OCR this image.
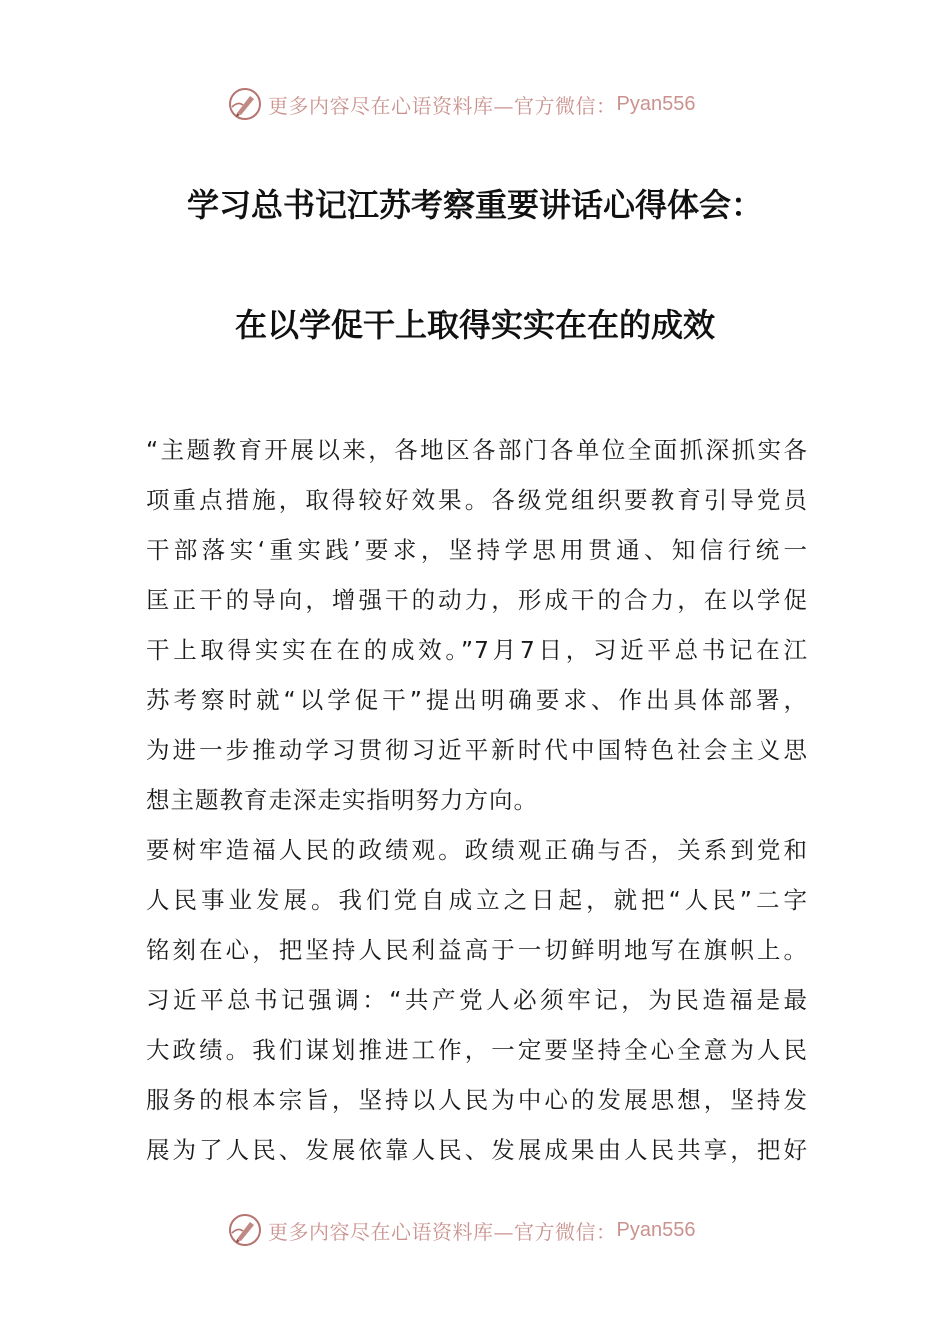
更多内容尽在心语资料库—官方微信： Pyan556
学习总书记江苏考察重要讲话心得体会：
在以学促干上取得实实在在的成效
“主题教育开展以来，各地区各部门各单位全面抓深抓实各
项重点措施，取得较好效果。各级党组织要教育引导党员
干部落实‘重实践’要求，坚持学思用贯通、知信行统一
匡正干的导向，增强干的动力，形成干的合力，在以学促
干上取得实实在在的成效。”7月7日，习近平总书记在江
苏考察时就“以学促干”提出明确要求、作出具体部署，
为进一步推动学习贯彻习近平新时代中国特色社会主义思
想主题教育走深走实指明努力方向。
要树牢造福人民的政绩观。政绩观正确与否，关系到党和
人民事业发展。我们党自成立之日起，就把“人民”二字
铭刻在心，把坚持人民利益高于一切鲜明地写在旗帜上。
习近平总书记强调：“共产党人必须牢记，为民造福是最
大政绩。我们谋划推进工作，一定要坚持全心全意为人民
服务的根本宗旨，坚持以人民为中心的发展思想，坚持发
展为了人民、发展依靠人民、发展成果由人民共享，把好
更多内容尽在心语资料库—官方微信： Pyan556
